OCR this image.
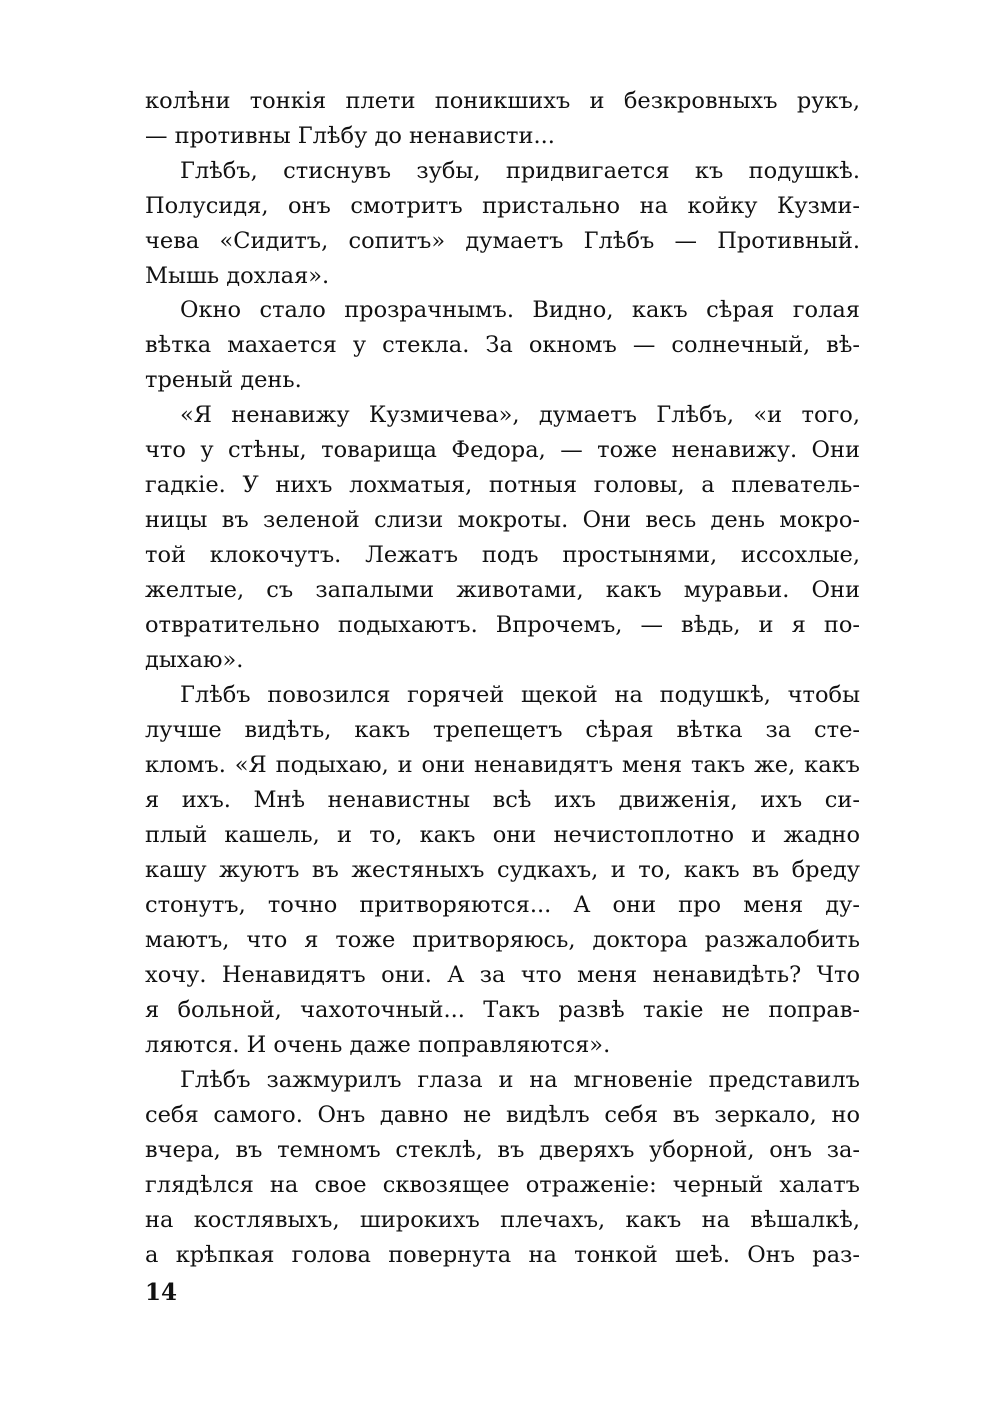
колѣни тонкія плети поникшихъ и безкровныхъ рукъ,
— противны Глѣбу до ненависти...
Глѣбъ, стиснувъ зубы, придвигается къ подушкѣ.
Полусидя, онъ смотритъ пристально на койку Кузми-
чева «Сидитъ, сопитъ» думаетъ Глѣбъ — Противный.
Мышь дохлая».
Окно стало прозрачнымъ. Видно, какъ сѣрая голая
вѣтка махается у стекла. За окномъ — солнечный, вѣ-
треный день.
«Я ненавижу Кузмичева», думаетъ Глѣбъ, «и того,
что у стѣны, товарища Федора, — тоже ненавижу. Они
гадкіе. У нихъ лохматыя, потныя головы, а плеватель-
ницы въ зеленой слизи мокроты. Они весь день мокро-
той клокочутъ. Лежатъ подъ простынями, иссохлые,
желтые, съ запалыми животами, какъ муравьи. Они
отвратительно подыхаютъ. Впрочемъ, — вѣдь, и я по-
дыхаю».
Глѣбъ повозился горячей щекой на подушкѣ, чтобы
лучше видѣть, какъ трепещетъ сѣрая вѣтка за сте-
кломъ. «Я подыхаю, и они ненавидятъ меня такъ же, какъ
я ихъ. Мнѣ ненавистны всѣ ихъ движенія, ихъ си-
плый кашель, и то, какъ они нечистоплотно и жадно
кашу жуютъ въ жестяныхъ судкахъ, и то, какъ въ бреду
стонутъ, точно притворяются... А они про меня ду-
маютъ, что я тоже притворяюсь, доктора разжалобить
хочу. Ненавидятъ они. А за что меня ненавидѣть? Что
я больной, чахоточный... Такъ развѣ такіе не поправ-
ляются. И очень даже поправляются».
Глѣбъ зажмурилъ глаза и на мгновеніе представилъ
себя самого. Онъ давно не видѣлъ себя въ зеркало, но
вчера, въ темномъ стеклѣ, въ дверяхъ уборной, онъ за-
глядѣлся на свое сквозящее отраженіе: черный халатъ
на костлявыхъ, широкихъ плечахъ, какъ на вѣшалкѣ,
а крѣпкая голова повернута на тонкой шеѣ. Онъ раз-
14
